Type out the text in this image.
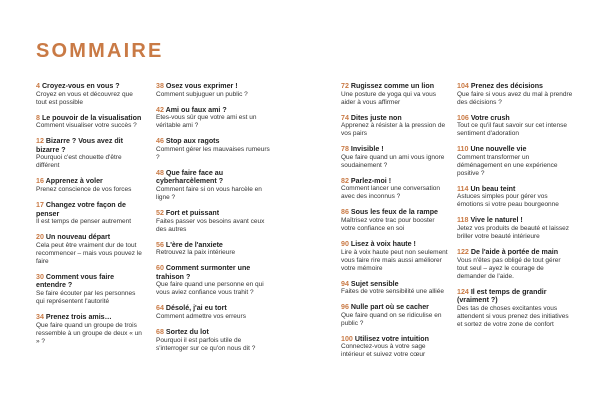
SOMMAIRE
4 Croyez-vous en vous ?
Croyez en vous et découvrez que tout est possible
8 Le pouvoir de la visualisation
Comment visualiser votre succès ?
12 Bizarre ? Vous avez dit bizarre ?
Pourquoi c'est chouette d'être différent
16 Apprenez à voler
Prenez conscience de vos forces
17 Changez votre façon de penser
Il est temps de penser autrement
20 Un nouveau départ
Cela peut être vraiment dur de tout recommencer – mais vous pouvez le faire
30 Comment vous faire entendre ?
Se faire écouter par les personnes qui représentent l'autorité
34 Prenez trois amis…
Que faire quand un groupe de trois ressemble à un groupe de deux « un » ?
38 Osez vous exprimer !
Comment subjuguer un public ?
42 Ami ou faux ami ?
Etes-vous sûr que votre ami est un véritable ami ?
46 Stop aux ragots
Comment gérer les mauvaises rumeurs ?
48 Que faire face au cyberharcèlement ?
Comment faire si on vous harcèle en ligne ?
52 Fort et puissant
Faites passer vos besoins avant ceux des autres
56 L'ère de l'anxiete
Retrouvez la paix intérieure
60 Comment surmonter une trahison ?
Que faire quand une personne en qui vous aviez confiance vous trahit ?
64 Désolé, j'ai eu tort
Comment admettre vos erreurs
68 Sortez du lot
Pourquoi il est parfois utile de s'interroger sur ce qu'on nous dit ?
72 Rugissez comme un lion
Une posture de yoga qui va vous aider à vous affirmer
74 Dites juste non
Apprenez à résister à la pression de vos pairs
78 Invisible !
Que faire quand un ami vous ignore soudainement ?
82 Parlez-moi !
Comment lancer une conversation avec des inconnus ?
86 Sous les feux de la rampe
Maîtrisez votre trac pour booster votre confiance en soi
90 Lisez à voix haute !
Lire à voix haute peut non seulement vous faire rire mais aussi améliorer votre mémoire
94 Sujet sensible
Faites de votre sensibilité une alliée
96 Nulle part où se cacher
Que faire quand on se ridiculise en public ?
100 Utilisez votre intuition
Connectez-vous à votre sage intérieur et suivez votre cœur
104 Prenez des décisions
Que faire si vous avez du mal à prendre des décisions ?
106 Votre crush
Tout ce qu'il faut savoir sur cet intense sentiment d'adoration
110 Une nouvelle vie
Comment transformer un déménagement en une expérience positive ?
114 Un beau teint
Astuces simples pour gérer vos émotions si votre peau bourgeonne
118 Vive le naturel !
Jetez vos produits de beauté et laissez briller votre beauté intérieure
122 De l'aide à portée de main
Vous n'êtes pas obligé de tout gérer tout seul – ayez le courage de demander de l'aide.
124 Il est temps de grandir (vraiment ?)
Des tas de choses excitantes vous attendent si vous prenez des initiatives et sortez de votre zone de confort
